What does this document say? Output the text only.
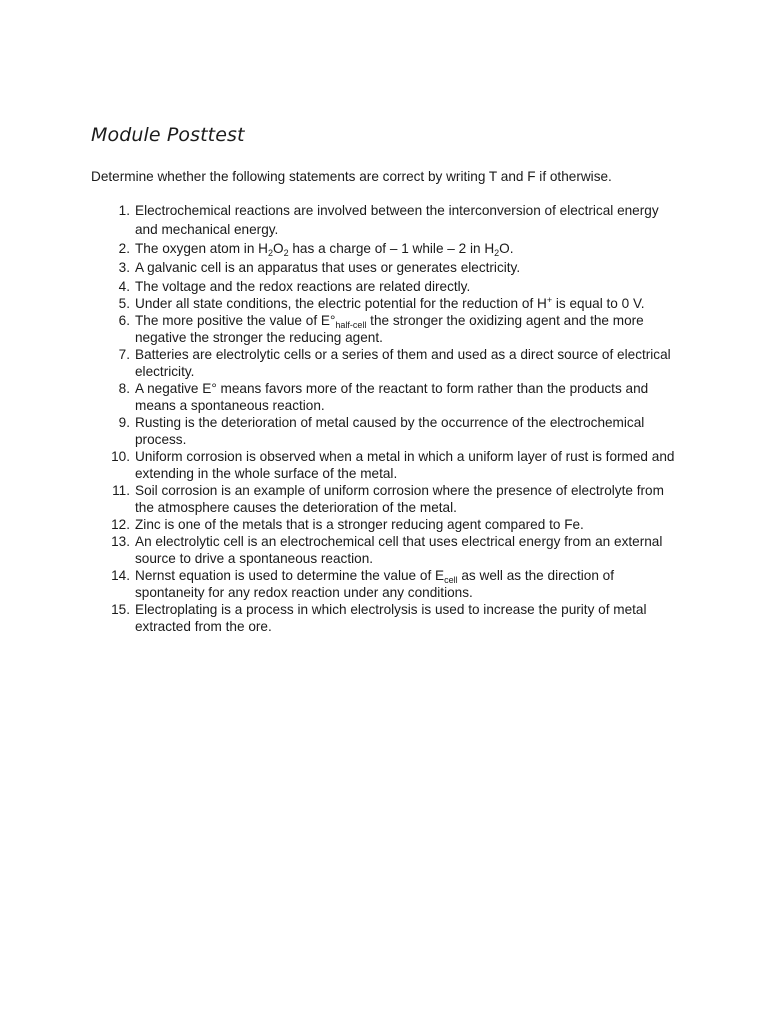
Module Posttest

Determine whether the following statements are correct by writing T and F if otherwise.

1. Electrochemical reactions are involved between the interconversion of electrical energy and mechanical energy.
2. The oxygen atom in $H_2O_2$ has a charge of – 1 while – 2 in $H_2O$.
3. A galvanic cell is an apparatus that uses or generates electricity.
4. The voltage and the redox reactions are related directly.
5. Under all state conditions, the electric potential for the reduction of H+ is equal to 0 V.
6. The more positive the value of $E^\circ_{half-cell}$ the stronger the oxidizing agent and the more negative the stronger the reducing agent.
7. Batteries are electrolytic cells or a series of them and used as a direct source of electrical electricity.
8. A negative E° means favors more of the reactant to form rather than the products and means a spontaneous reaction.
9. Rusting is the deterioration of metal caused by the occurrence of the electrochemical process.
10. Uniform corrosion is observed when a metal in which a uniform layer of rust is formed and extending in the whole surface of the metal.
11. Soil corrosion is an example of uniform corrosion where the presence of electrolyte from the atmosphere causes the deterioration of the metal.
12. Zinc is one of the metals that is a stronger reducing agent compared to Fe.
13. An electrolytic cell is an electrochemical cell that uses electrical energy from an external source to drive a spontaneous reaction.
14. Nernst equation is used to determine the value of $E_{cell}$ as well as the direction of spontaneity for any redox reaction under any conditions.
15. Electroplating is a process in which electrolysis is used to increase the purity of metal extracted from the ore.
